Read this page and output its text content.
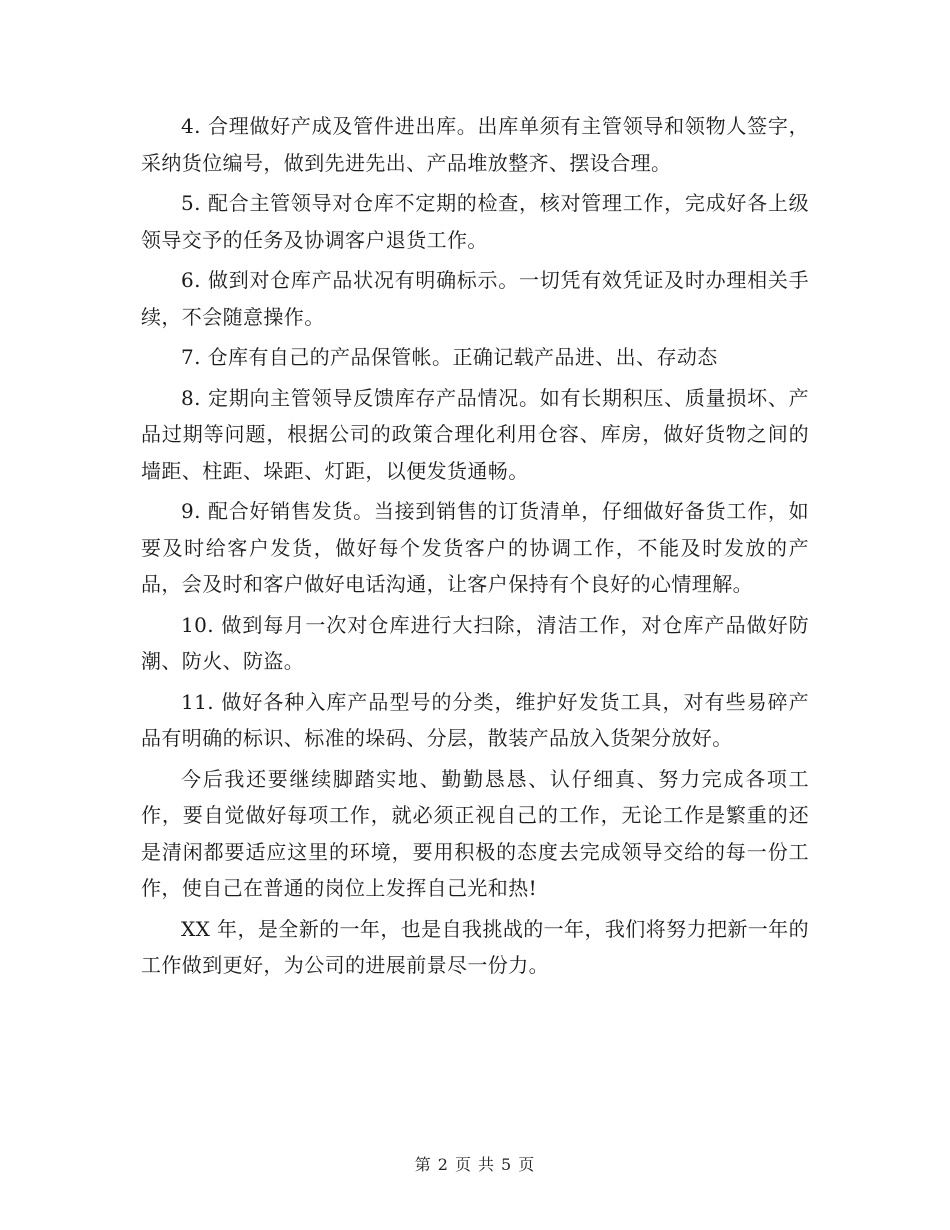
4. 合理做好产成及管件进出库。出库单须有主管领导和领物人签字，采纳货位编号，做到先进先出、产品堆放整齐、摆设合理。

5. 配合主管领导对仓库不定期的检查，核对管理工作，完成好各上级领导交予的任务及协调客户退货工作。

6. 做到对仓库产品状况有明确标示。一切凭有效凭证及时办理相关手续，不会随意操作。

7. 仓库有自己的产品保管帐。正确记载产品进、出、存动态

8. 定期向主管领导反馈库存产品情况。如有长期积压、质量损坏、产品过期等问题，根据公司的政策合理化利用仓容、库房，做好货物之间的墙距、柱距、垛距、灯距，以便发货通畅。

9. 配合好销售发货。当接到销售的订货清单，仔细做好备货工作，如要及时给客户发货，做好每个发货客户的协调工作，不能及时发放的产品，会及时和客户做好电话沟通，让客户保持有个良好的心情理解。

10. 做到每月一次对仓库进行大扫除，清洁工作，对仓库产品做好防潮、防火、防盗。

11. 做好各种入库产品型号的分类，维护好发货工具，对有些易碎产品有明确的标识、标准的垛码、分层，散装产品放入货架分放好。

今后我还要继续脚踏实地、勤勤恳恳、认仔细真、努力完成各项工作，要自觉做好每项工作，就必须正视自己的工作，无论工作是繁重的还是清闲都要适应这里的环境，要用积极的态度去完成领导交给的每一份工作，使自己在普通的岗位上发挥自己光和热!

XX 年，是全新的一年，也是自我挑战的一年，我们将努力把新一年的工作做到更好，为公司的进展前景尽一份力。

第 2 页 共 5 页
